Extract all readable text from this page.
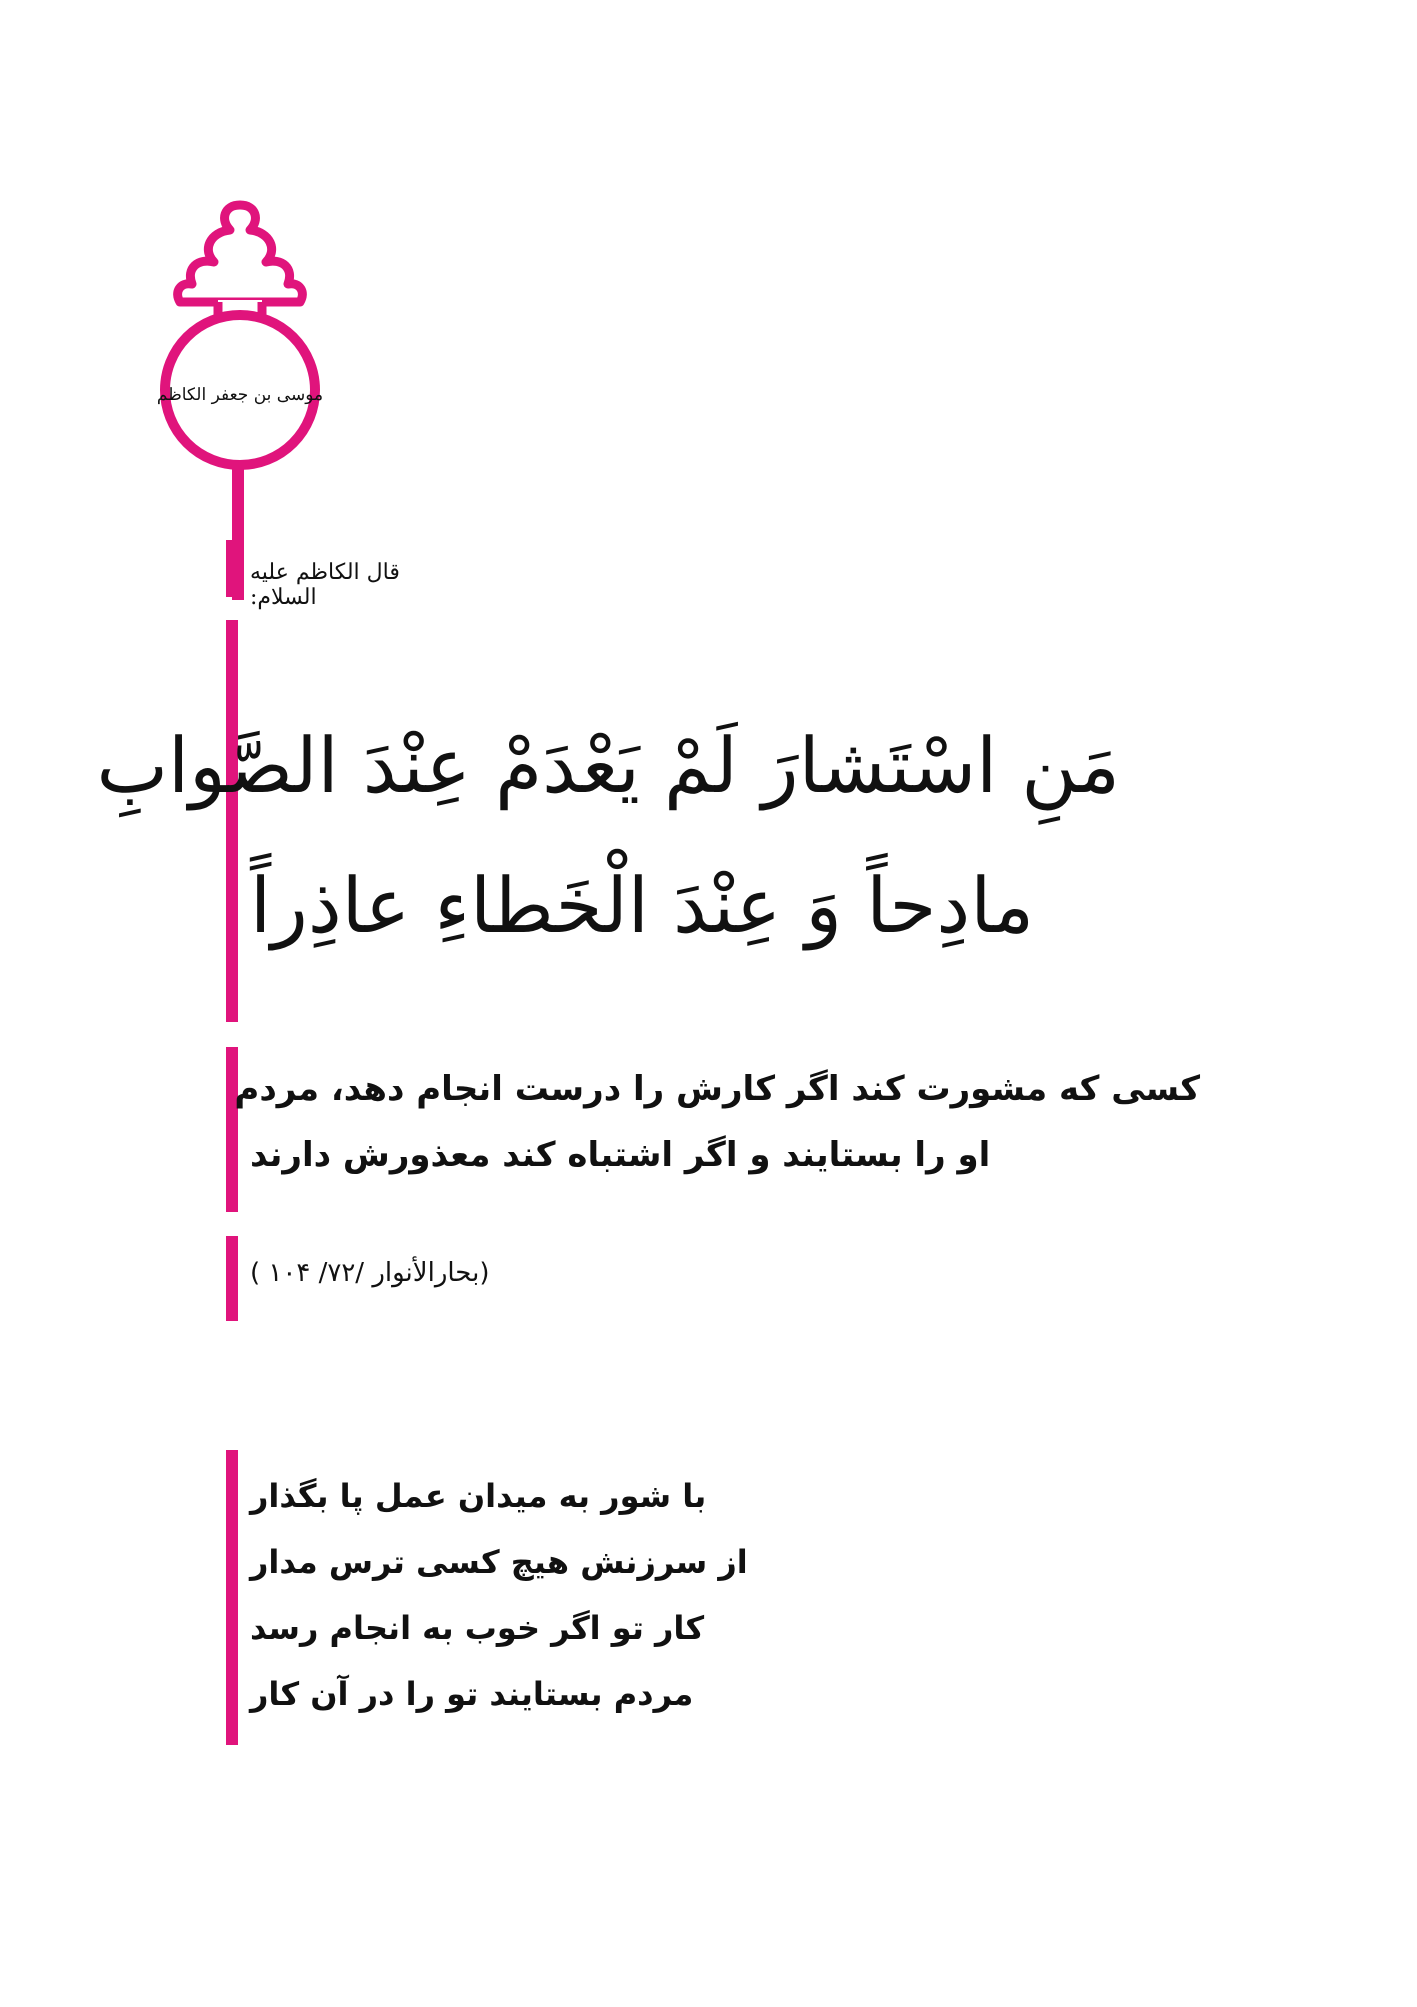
موسی بن جعفر الکاظم
قال الکاظم علیه السلام:
مَنِ اسْتَشارَ لَمْ یَعْدَمْ عِنْدَ الصَّوابِ
مادِحاً وَ عِنْدَ الْخَطاءِ عاذِراً
کسی که مشورت کند اگر کارش را درست انجام دهد، مردم
او را بستایند و اگر اشتباه کند معذورش دارند
(بحارالأنوار /۷۲/ ۱۰۴ )
با شور به میدان عمل پا بگذار
از سرزنش هیچ کسی ترس مدار
کار تو اگر خوب به انجام رسد
مردم بستایند تو را در آن کار
